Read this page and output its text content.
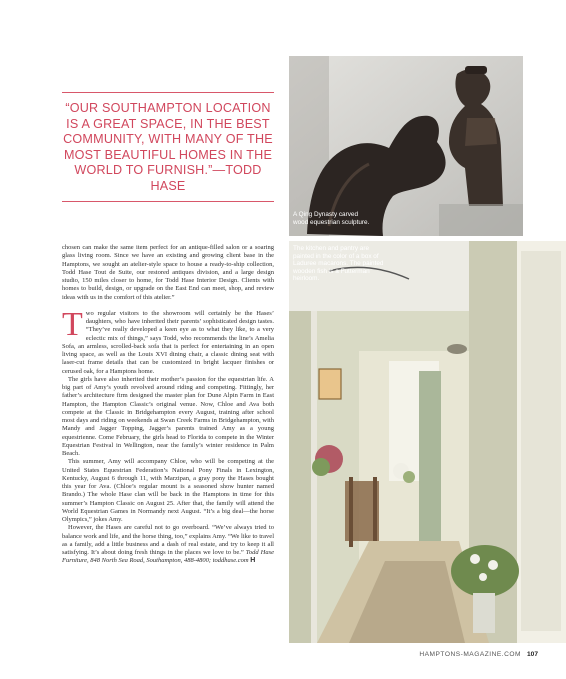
“OUR SOUTHAMPTON LOCATION IS A GREAT SPACE, IN THE BEST COMMUNITY, WITH MANY OF THE MOST BEAUTIFUL HOMES IN THE WORLD TO FURNISH.”—TODD HASE

A Qing Dynasty carved wood equestrian sculpture.

The kitchen and pantry are painted in the color of a box of Laduree macarons. The painted wooden fish is a Futterman heirloom.

chosen can make the same item perfect for an antique-filled salon or a soaring glass living room. Since we have an existing and growing client base in the Hamptons, we sought an atelier-style space to house a ready-to-ship collection, Todd Hase Tout de Suite, our restored antiques division, and a large design studio, 150 miles closer to home, for Todd Hase Interior Design. Clients with homes to build, design, or upgrade on the East End can meet, shop, and review ideas with us in the comfort of this atelier.”

Two regular visitors to the showroom will certainly be the Hases’ daughters, who have inherited their parents’ sophisticated design tastes. “They’ve really developed a keen eye as to what they like, to a very eclectic mix of things,” says Todd, who recommends the line’s Amelia Sofa, an armless, scrolled-back sofa that is perfect for entertaining in an open living space, as well as the Louis XVI dining chair, a classic dining seat with laser-cut frame details that can be customized in bright lacquer finishes or cerused oak, for a Hamptons home.

The girls have also inherited their mother’s passion for the equestrian life. A big part of Amy’s youth revolved around riding and competing. Fittingly, her father’s architecture firm designed the master plan for Dune Alpin Farm in East Hampton, the Hampton Classic’s original venue. Now, Chloe and Ava both compete at the Classic in Bridgehampton every August, training after school most days and riding on weekends at Swan Creek Farms in Bridgehampton, with Mandy and Jagger Topping, Jagger’s parents trained Amy as a young equestrienne. Come February, the girls head to Florida to compete in the Winter Equestrian Festival in Wellington, near the family’s winter residence in Palm Beach.

This summer, Amy will accompany Chloe, who will be competing at the United States Equestrian Federation’s National Pony Finals in Lexington, Kentucky, August 6 through 11, with Marzipan, a gray pony the Hases bought this year for Ava. (Chloe’s regular mount is a seasoned show hunter named Brando.) The whole Hase clan will be back in the Hamptons in time for this summer’s Hampton Classic on August 25. After that, the family will attend the World Equestrian Games in Normandy next August. “It’s a big deal—the horse Olympics,” jokes Amy.

However, the Hases are careful not to go overboard. “We’ve always tried to balance work and life, and the horse thing, too,” explains Amy. “We like to travel as a family, add a little business and a dash of real estate, and try to keep it all satisfying. It’s about doing fresh things in the places we love to be.” Todd Hase Furniture, 848 North Sea Road, Southampton, 488-4800; toddhase.com H

HAMPTONS-MAGAZINE.COM 107
